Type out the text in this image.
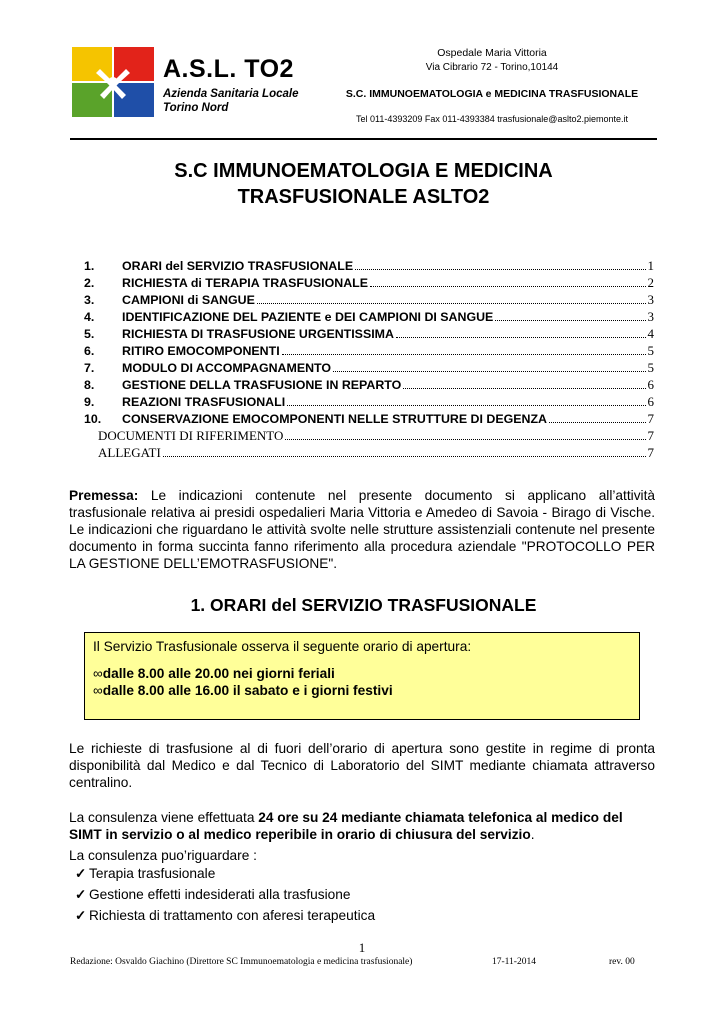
A.S.L. TO2
Azienda Sanitaria Locale
Torino Nord
Ospedale Maria Vittoria
Via Cibrario 72 - Torino,10144
S.C. IMMUNOEMATOLOGIA e MEDICINA TRASFUSIONALE
Tel 011-4393209 Fax 011-4393384 trasfusionale@aslto2.piemonte.it
S.C IMMUNOEMATOLOGIA E MEDICINA
TRASFUSIONALE ASLTO2
1.	ORARI del SERVIZIO TRASFUSIONALE	1
2.	RICHIESTA di TERAPIA TRASFUSIONALE	2
3.	CAMPIONI di SANGUE	3
4.	IDENTIFICAZIONE DEL PAZIENTE e DEI CAMPIONI DI SANGUE	3
5.	RICHIESTA DI TRASFUSIONE URGENTISSIMA	4
6.	RITIRO EMOCOMPONENTI	5
7.	MODULO DI ACCOMPAGNAMENTO	5
8.	GESTIONE DELLA TRASFUSIONE IN REPARTO	6
9.	REAZIONI TRASFUSIONALI	6
10.	CONSERVAZIONE EMOCOMPONENTI NELLE STRUTTURE DI DEGENZA	7
DOCUMENTI DI RIFERIMENTO	7
ALLEGATI	7
Premessa: Le indicazioni contenute nel presente documento si applicano all’attività trasfusionale relativa ai presidi ospedalieri Maria Vittoria e Amedeo di Savoia - Birago di Vische. Le indicazioni che riguardano le attività svolte nelle strutture assistenziali contenute nel presente documento in forma succinta fanno riferimento alla procedura aziendale "PROTOCOLLO PER LA GESTIONE DELL’EMOTRASFUSIONE".
1. ORARI del SERVIZIO TRASFUSIONALE
Il Servizio Trasfusionale osserva il seguente orario di apertura:
∞dalle 8.00 alle 20.00 nei giorni feriali
∞dalle 8.00 alle 16.00 il sabato e i giorni festivi
Le richieste di trasfusione al di fuori dell’orario di apertura sono gestite in regime di pronta disponibilità dal Medico e dal Tecnico di Laboratorio del SIMT mediante chiamata attraverso centralino.
La consulenza viene effettuata 24 ore su 24 mediante chiamata telefonica al medico del SIMT in servizio o al medico reperibile in orario di chiusura del servizio.
La consulenza puo’riguardare :
✓ Terapia trasfusionale
✓ Gestione effetti indesiderati alla trasfusione
✓ Richiesta di trattamento con aferesi terapeutica
1
Redazione: Osvaldo Giachino (Direttore SC Immunoematologia e medicina trasfusionale)	17-11-2014	rev. 00
